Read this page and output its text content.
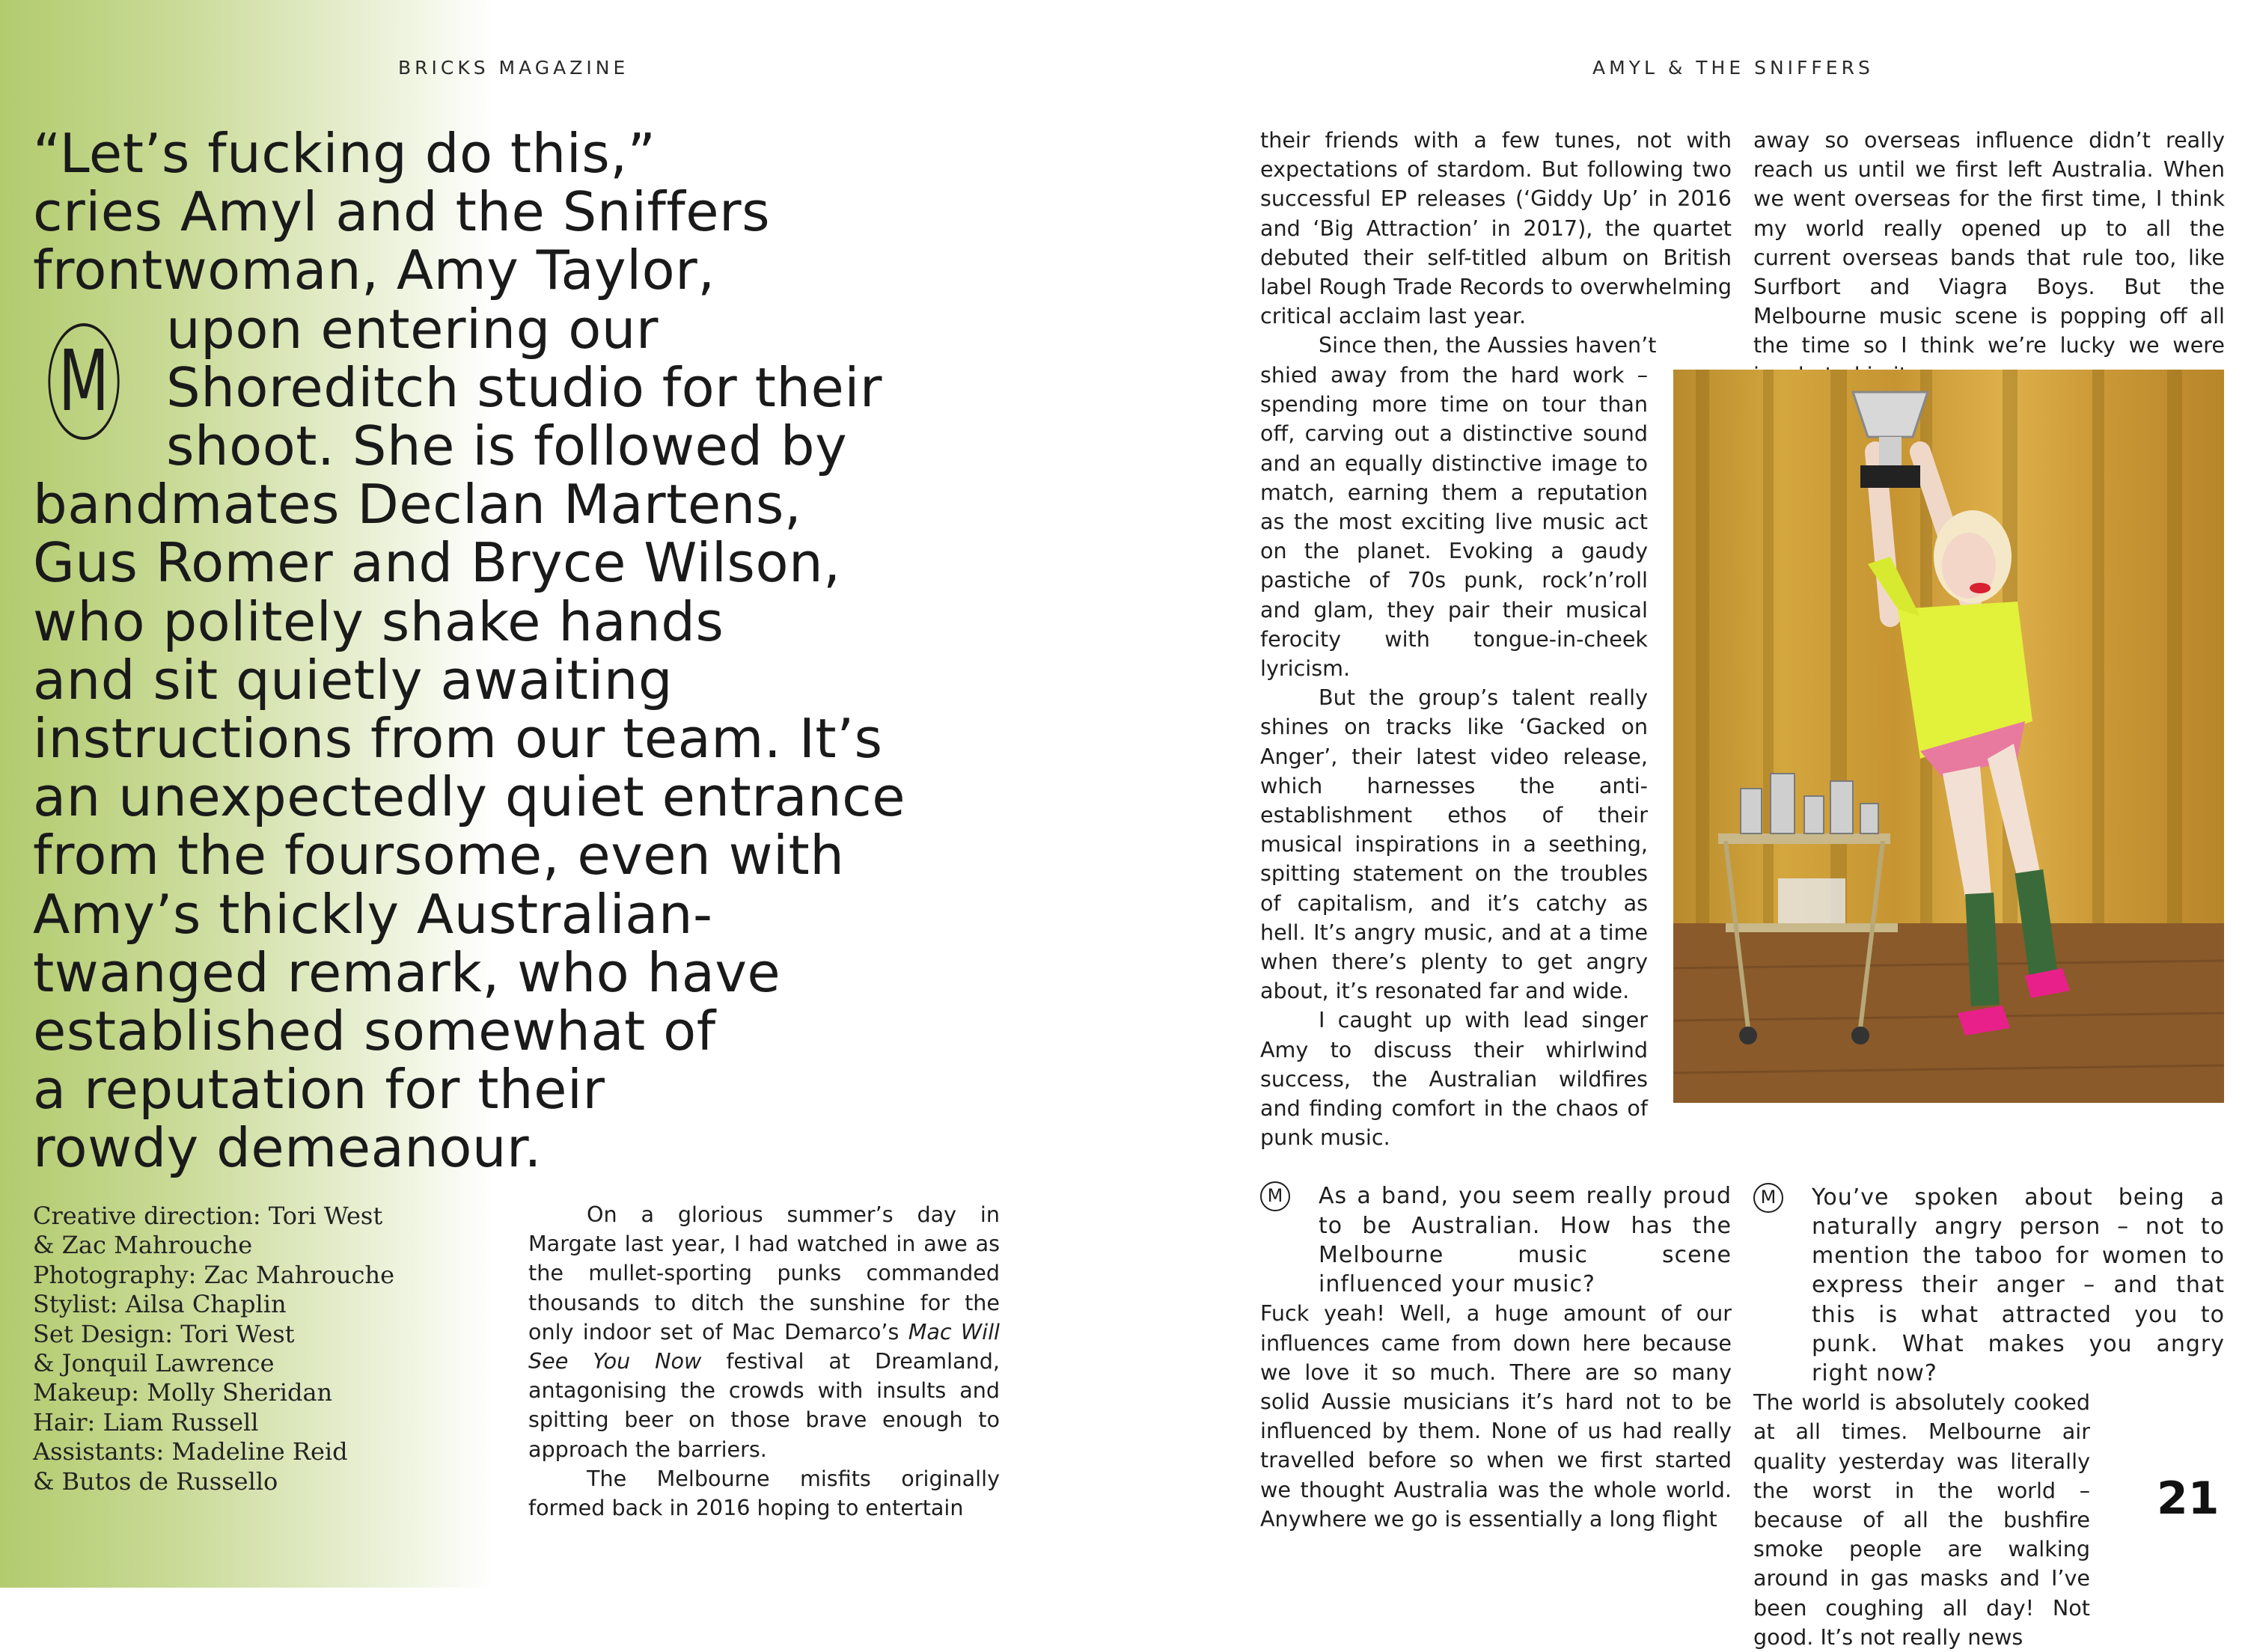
BRICKS MAGAZINE	AMYL & THE SNIFFERS
M
“Let’s fucking do this,”
cries Amyl and the Sniffers
frontwoman, Amy Taylor,
upon entering our
Shoreditch studio for their
shoot. She is followed by
bandmates Declan Martens,
Gus Romer and Bryce Wilson,
who politely shake hands
and sit quietly awaiting
instructions from our team. It’s
an unexpectedly quiet entrance
from the foursome, even with
Amy’s thickly Australian-
twanged remark, who have
established somewhat of
a reputation for their
rowdy demeanour.
Creative direction: Tori West
& Zac Mahrouche
Photography: Zac Mahrouche
Stylist: Ailsa Chaplin
Set Design: Tori West
& Jonquil Lawrence
Makeup: Molly Sheridan
Hair: Liam Russell
Assistants: Madeline Reid
& Butos de Russello

On a glorious summer’s day in Margate last year, I had watched in awe as the mullet-sporting punks commanded thousands to ditch the sunshine for the only indoor set of Mac Demarco’s Mac Will See You Now festival at Dreamland, antagonising the crowds with insults and spitting beer on those brave enough to approach the barriers.

The Melbourne misfits originally formed back in 2016 hoping to entertain

their friends with a few tunes, not with expectations of stardom. But following two successful EP releases (‘Giddy Up’ in 2016 and ‘Big Attraction’ in 2017), the quartet debuted their self-titled album on British label Rough Trade Records to overwhelming critical acclaim last year.

Since then, the Aussies haven’t

shied away from the hard work – spending more time on tour than off, carving out a distinctive sound and an equally distinctive image to match, earning them a reputation as the most exciting live music act on the planet. Evoking a gaudy pastiche of 70s punk, rock’n’roll and glam, they pair their musical ferocity with tongue-in-cheek lyricism.

But the group’s talent really shines on tracks like ‘Gacked on Anger’, their latest video release, which harnesses the anti-establishment ethos of their musical inspirations in a seething, spitting statement on the troubles of capitalism, and it’s catchy as hell. It’s angry music, and at a time when there’s plenty to get angry about, it’s resonated far and wide.

I caught up with lead singer Amy to discuss their whirlwind success, the Australian wildfires and finding comfort in the chaos of punk music.

M	As a band, you seem really proud to be Australian. How has the Melbourne music scene influenced your music?

Fuck yeah! Well, a huge amount of our influences came from down here because we love it so much. There are so many solid Aussie musicians it’s hard not to be influenced by them. None of us had really travelled before so when we first started we thought Australia was the whole world. Anywhere we go is essentially a long flight

away so overseas influence didn’t really reach us until we first left Australia. When we went overseas for the first time, I think my world really opened up to all the current overseas bands that rule too, like Surfbort and Viagra Boys. But the Melbourne music scene is popping off all the time so I think we’re lucky we were

M	You’ve spoken about being a naturally angry person – not to mention the taboo for women to express their anger – and that this is what attracted you to punk. What makes you angry right now?

The world is absolutely cooked at all times. Melbourne air quality yesterday was literally the worst in the world – because of all the bushfire smoke people are walking around in gas masks and I’ve been coughing all day! Not good. It’s not really news

21
